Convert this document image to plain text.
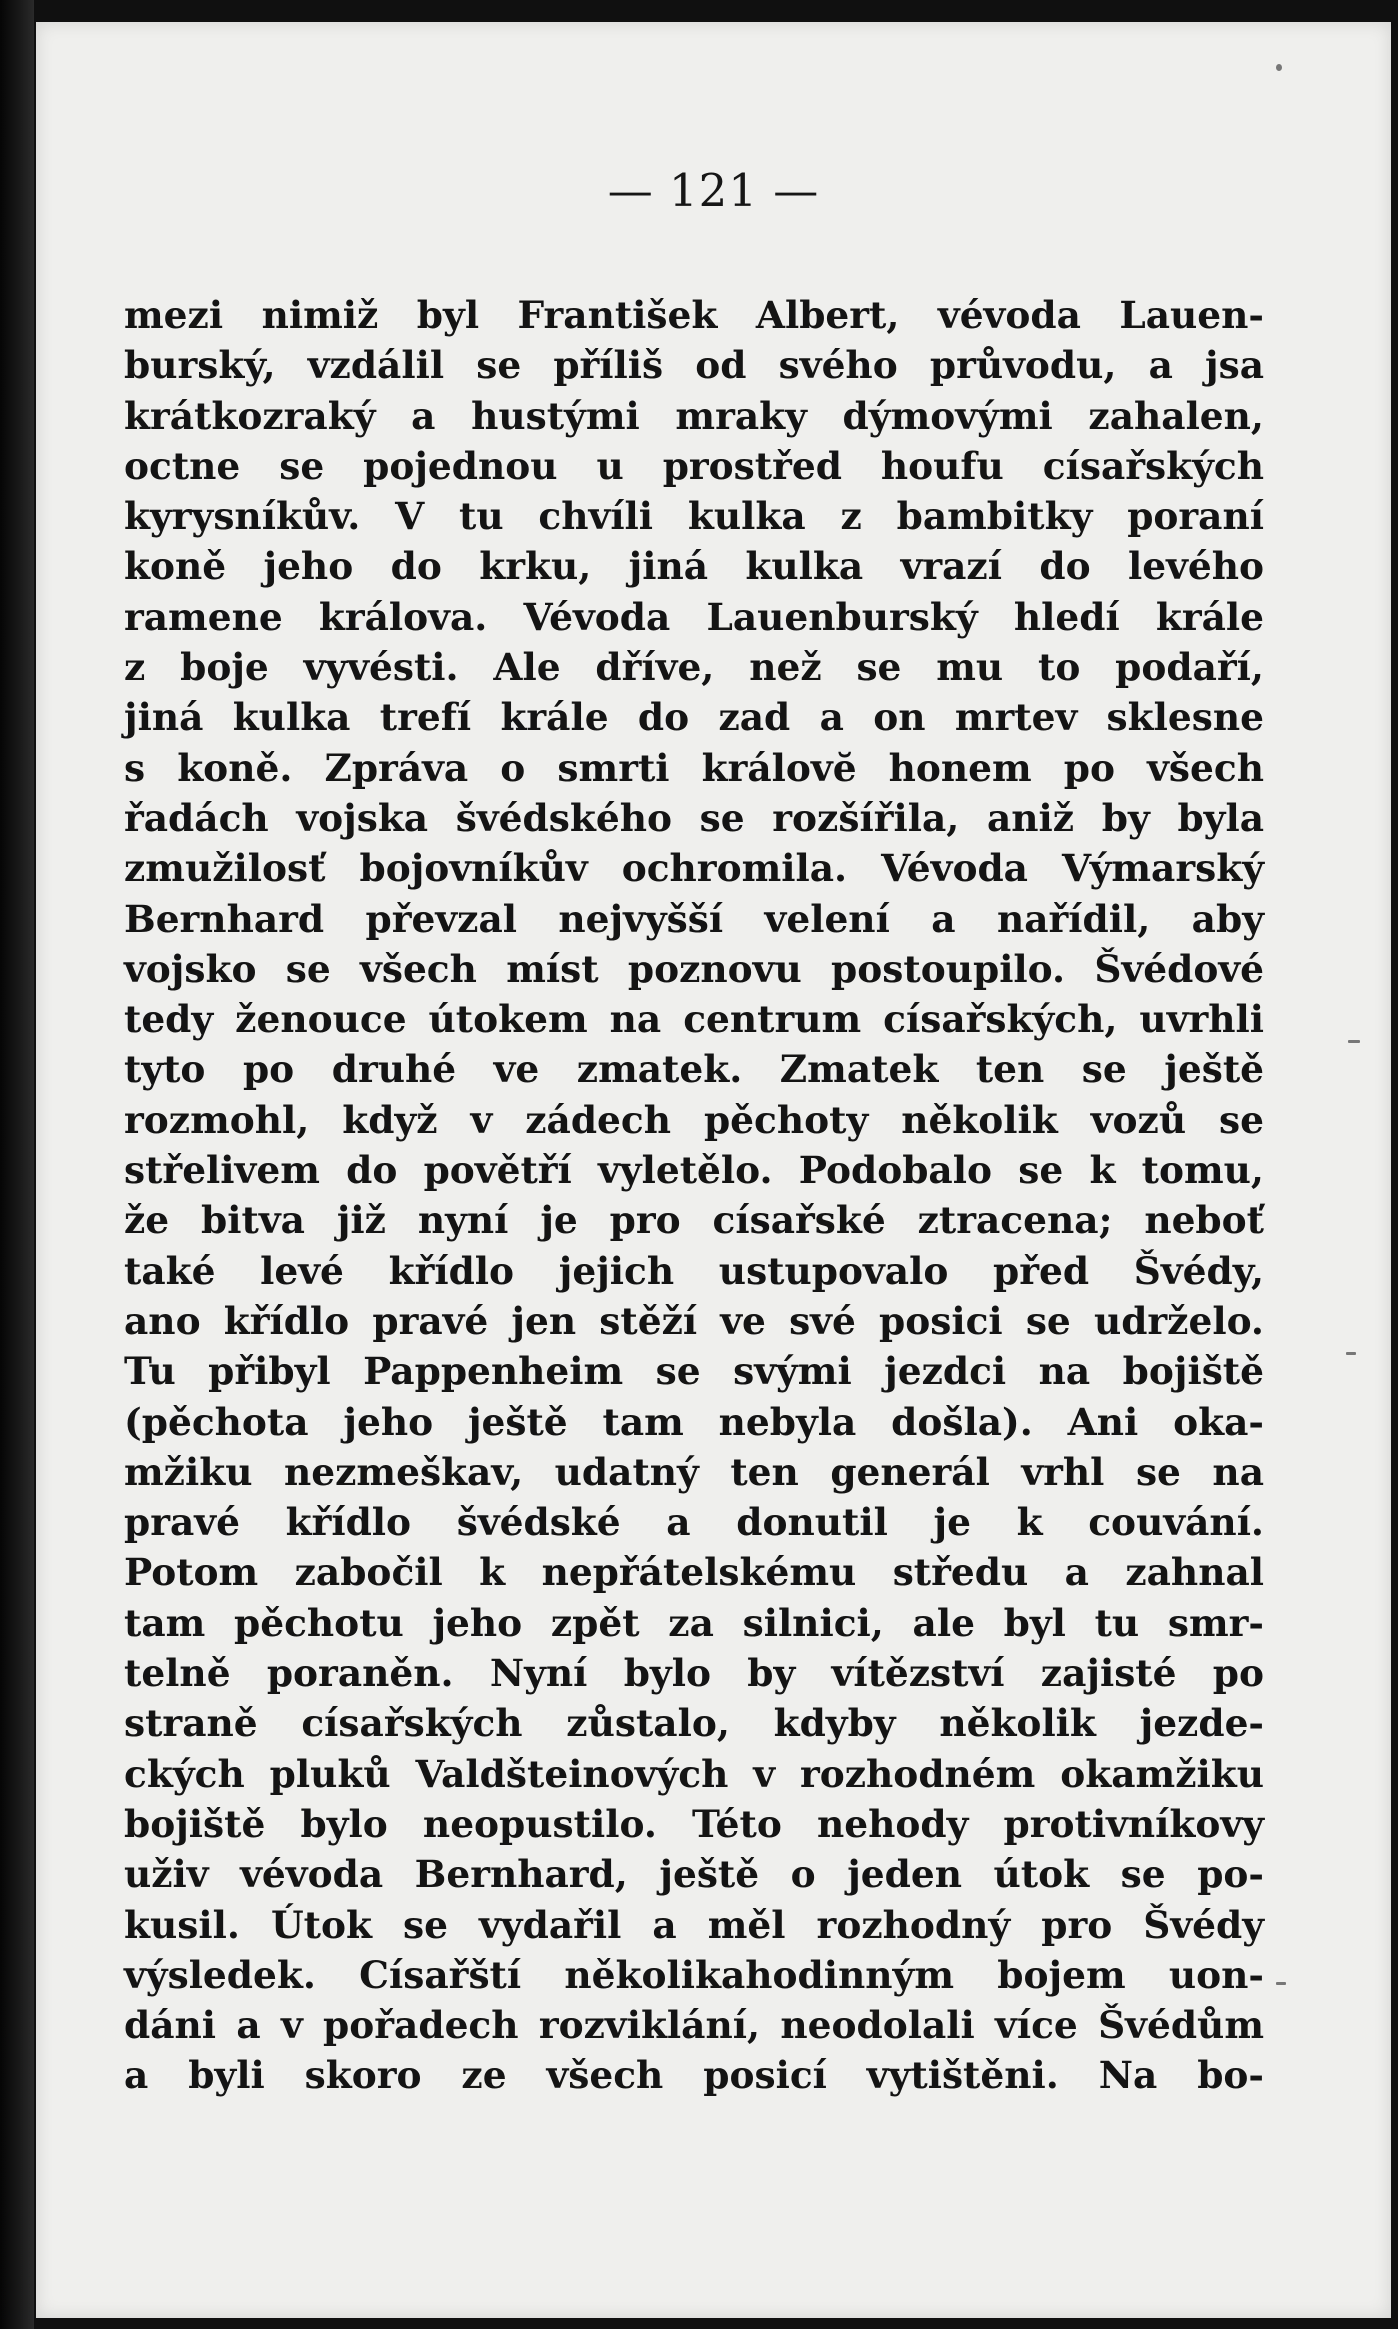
— 121 —
mezi nimiž byl František Albert, vévoda Lauen-
burský, vzdálil se příliš od svého průvodu, a jsa
krátkozraký a hustými mraky dýmovými zahalen,
octne se pojednou u prostřed houfu císařských
kyrysníkův. V tu chvíli kulka z bambitky poraní
koně jeho do krku, jiná kulka vrazí do levého
ramene králova. Vévoda Lauenburský hledí krále
z boje vyvésti. Ale dříve, než se mu to podaří,
jiná kulka trefí krále do zad a on mrtev sklesne
s koně. Zpráva o smrti královĕ honem po všech
řadách vojska švédského se rozšířila, aniž by byla
zmužilosť bojovníkův ochromila. Vévoda Výmarský
Bernhard převzal nejvyšší velení a nařídil, aby
vojsko se všech míst poznovu postoupilo. Švédové
tedy ženouce útokem na centrum císařských, uvrhli
tyto po druhé ve zmatek. Zmatek ten se ještě
rozmohl, když v zádech pěchoty několik vozů se
střelivem do povětří vyletělo. Podobalo se k tomu,
že bitva již nyní je pro císařské ztracena; neboť
také levé křídlo jejich ustupovalo před Švédy,
ano křídlo pravé jen stěží ve své posici se udrželo.
Tu přibyl Pappenheim se svými jezdci na bojiště
(pěchota jeho ještě tam nebyla došla). Ani oka-
mžiku nezmeškav, udatný ten generál vrhl se na
pravé křídlo švédské a donutil je k couvání.
Potom zabočil k nepřátelskému středu a zahnal
tam pěchotu jeho zpět za silnici, ale byl tu smr-
telně poraněn. Nyní bylo by vítězství zajisté po
straně císařských zůstalo, kdyby několik jezde-
ckých pluků Valdšteinových v rozhodném okamžiku
bojiště bylo neopustilo. Této nehody protivníkovy
uživ vévoda Bernhard, ještě o jeden útok se po-
kusil. Útok se vydařil a měl rozhodný pro Švédy
výsledek. Císařští několikahodinným bojem uon-
dáni a v pořadech rozviklání, neodolali více Švédům
a byli skoro ze všech posicí vytištěni. Na bo-
